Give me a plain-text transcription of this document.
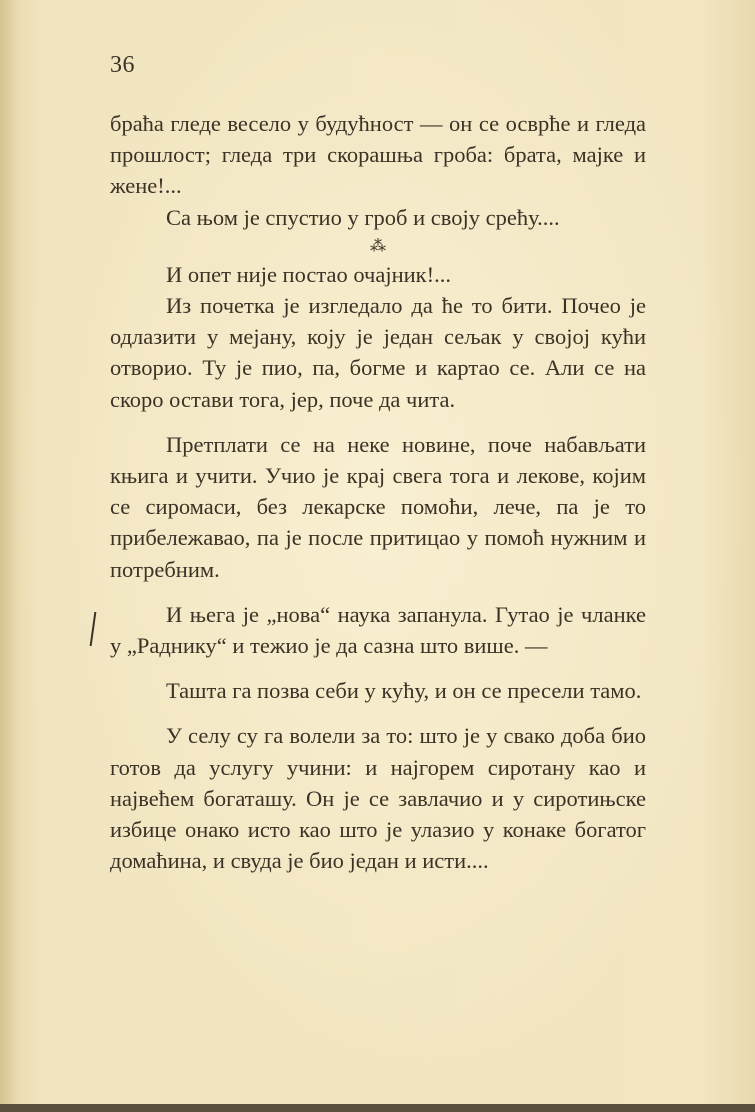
36

браћа гледе весело у будућност — он се осврће и гледа прошлост; гледа три скорашња гроба: брата, мајке и жене!...

Са њом је спустио у гроб и своју срећу....

⁂

И опет није постао очајник!...

Из почетка је изгледало да ће то бити. Почео је одлазити у мејану, коју је један сељак у својој кући отворио. Ту је пио, па, богме и картао се. Али се на скоро остави тога, јер, поче да чита.

Претплати се на неке новине, поче набављати књига и учити. Учио је крај свега тога и лекове, којим се сиромаси, без лекарске помоћи, лече, па је то прибележавао, па је после притицао у помоћ нужним и потребним.

И њега је „нова“ наука запанула. Гутао је чланке у „Раднику“ и тежио је да сазна што више. —

Ташта га позва себи у кућу, и он се пресели тамо.

У селу су га волели за то: што је у свако доба био готов да услугу учини: и најгорем сиротану као и највећем богаташу. Он је се завлачио и у сиротињске избице онако исто као што је улазио у конаке богатог домаћина, и свуда је био један и исти....
